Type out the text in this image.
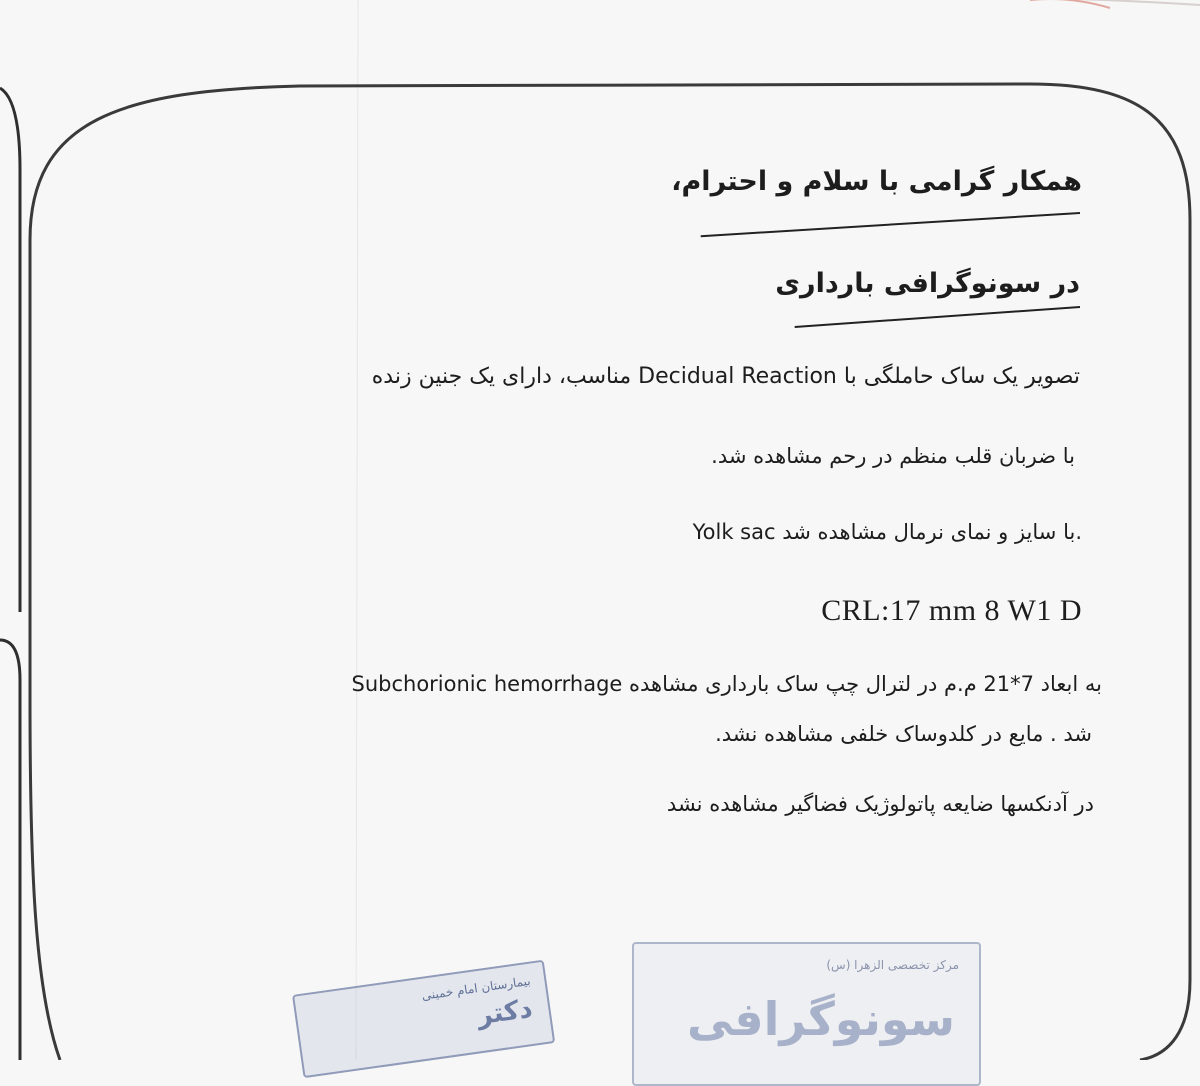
همکار گرامی با سلام و احترام،
در سونوگرافی بارداری
تصویر یک ساک حاملگی با Decidual Reaction مناسب، دارای یک جنین زنده
با ضربان قلب منظم در رحم مشاهده شد.
Yolk sac با سایز و نمای نرمال مشاهده شد.
CRL:17 mm 8 W1 D
Subchorionic hemorrhage به ابعاد 7*21 م.م در لترال چپ ساک بارداری مشاهده
شد . مایع در کلدوساک خلفی مشاهده نشد.
در آدنکسها ضایعه پاتولوژیک فضاگیر مشاهده نشد
بیمارستان امام خمینی
دکتر
مرکز تخصصی الزهرا (س)
سونوگرافی
